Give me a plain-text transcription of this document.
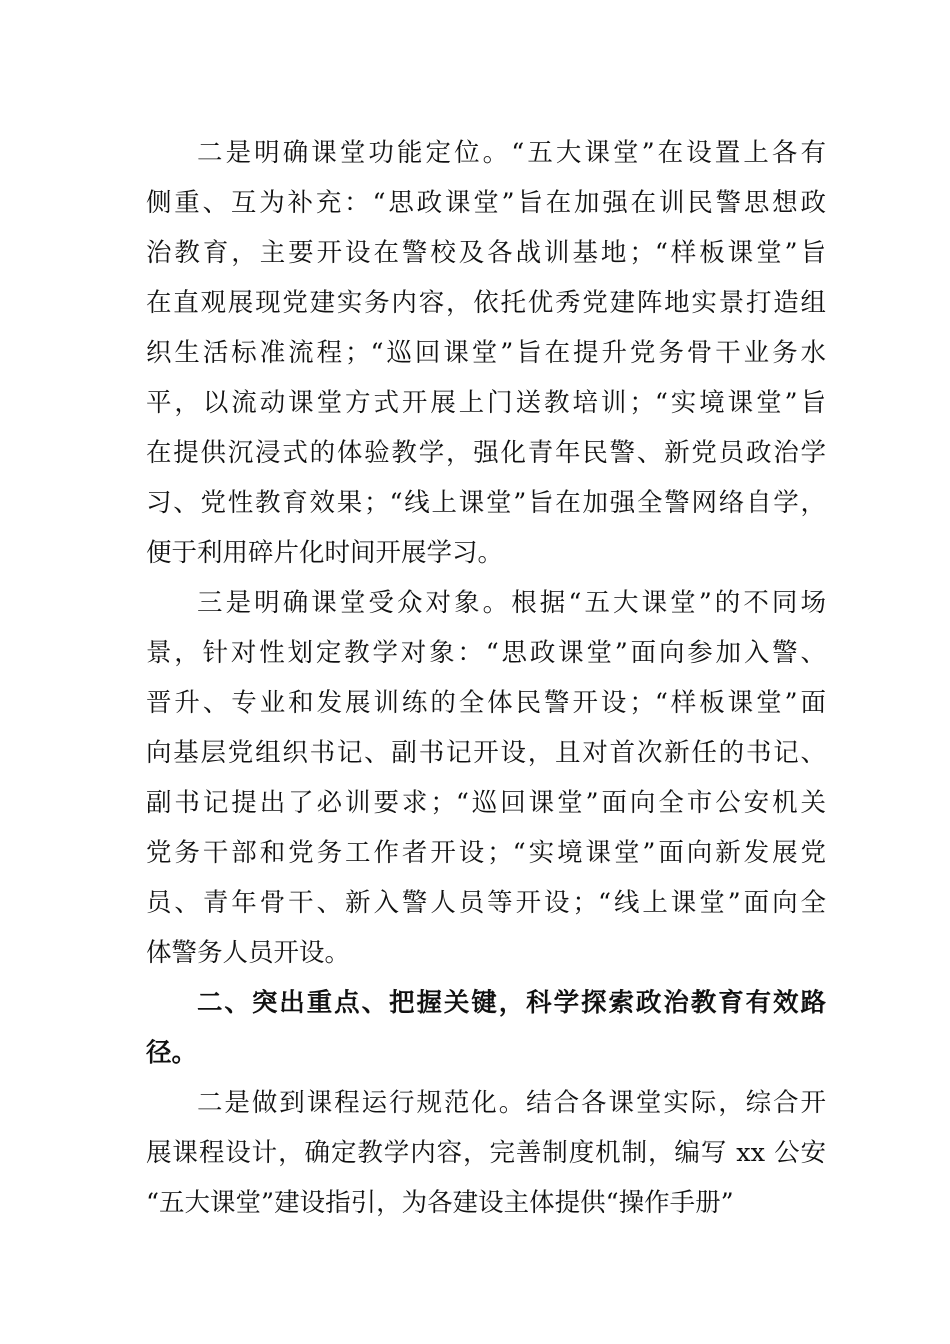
二是明确课堂功能定位。“五大课堂”在设置上各有

侧重、互为补充：“思政课堂”旨在加强在训民警思想政

治教育，主要开设在警校及各战训基地；“样板课堂”旨

在直观展现党建实务内容，依托优秀党建阵地实景打造组

织生活标准流程；“巡回课堂”旨在提升党务骨干业务水

平，以流动课堂方式开展上门送教培训；“实境课堂”旨

在提供沉浸式的体验教学，强化青年民警、新党员政治学

习、党性教育效果；“线上课堂”旨在加强全警网络自学，

便于利用碎片化时间开展学习。

三是明确课堂受众对象。根据“五大课堂”的不同场

景，针对性划定教学对象：“思政课堂”面向参加入警、

晋升、专业和发展训练的全体民警开设；“样板课堂”面

向基层党组织书记、副书记开设，且对首次新任的书记、

副书记提出了必训要求；“巡回课堂”面向全市公安机关

党务干部和党务工作者开设；“实境课堂”面向新发展党

员、青年骨干、新入警人员等开设；“线上课堂”面向全

体警务人员开设。

二、突出重点、把握关键，科学探索政治教育有效路

径。

二是做到课程运行规范化。结合各课堂实际，综合开

展课程设计，确定教学内容，完善制度机制，编写 xx 公安

“五大课堂”建设指引，为各建设主体提供“操作手册”
